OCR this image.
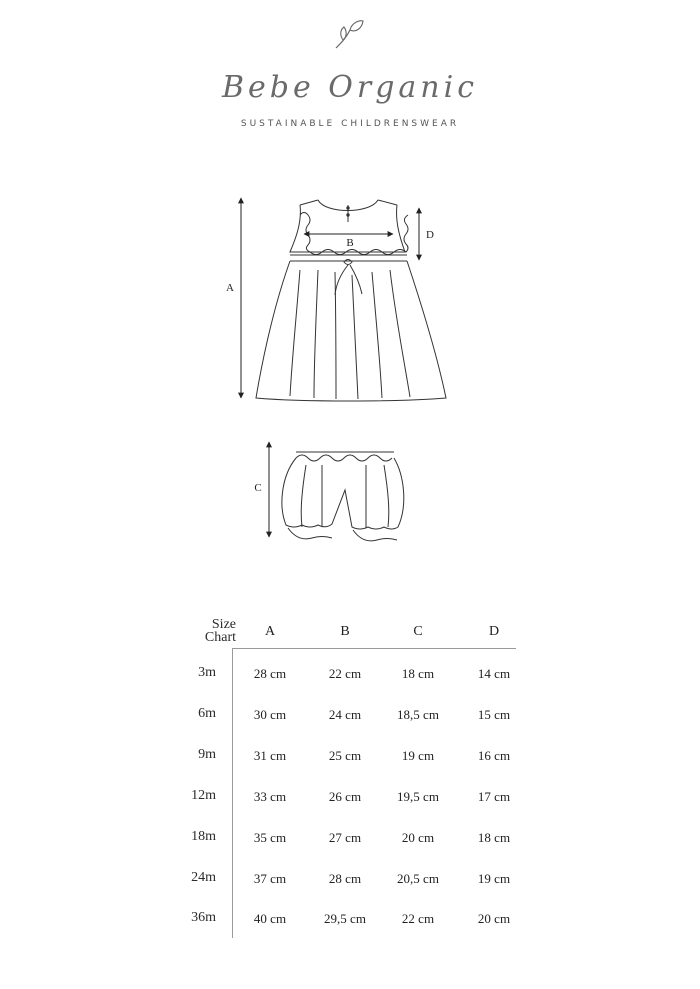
Bebe Organic
SUSTAINABLE CHILDRENSWEAR
A
B
D
C
Size
Chart	A	B	C	D
3m	28 cm	22 cm	18 cm	14 cm
6m	30 cm	24 cm	18,5 cm	15 cm
9m	31 cm	25 cm	19 cm	16 cm
12m	33 cm	26 cm	19,5 cm	17 cm
18m	35 cm	27 cm	20 cm	18 cm
24m	37 cm	28 cm	20,5 cm	19 cm
36m	40 cm	29,5 cm	22 cm	20 cm
